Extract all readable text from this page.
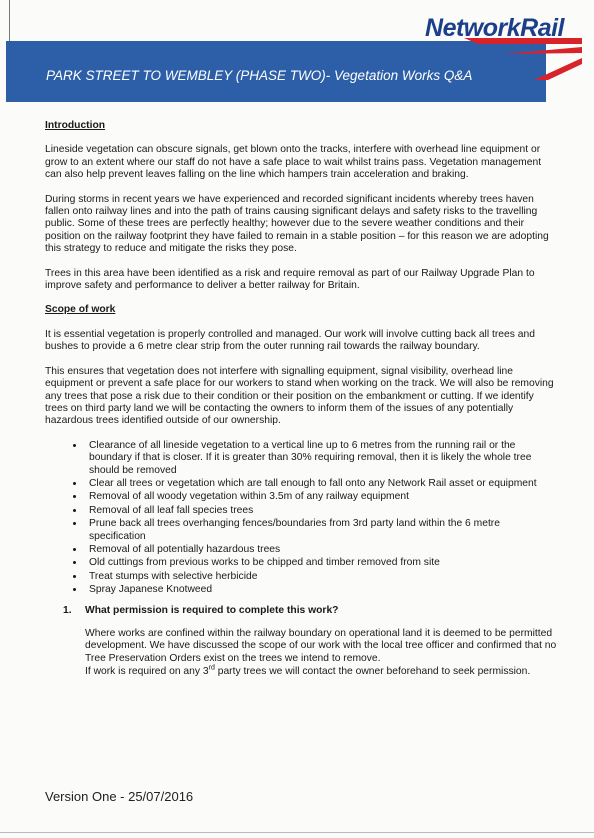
NetworkRail
PARK STREET TO WEMBLEY (PHASE TWO)- Vegetation Works Q&A
Introduction

Lineside vegetation can obscure signals, get blown onto the tracks, interfere with overhead line equipment or grow to an extent where our staff do not have a safe place to wait whilst trains pass. Vegetation management can also help prevent leaves falling on the line which hampers train acceleration and braking.

During storms in recent years we have experienced and recorded significant incidents whereby trees haven fallen onto railway lines and into the path of trains causing significant delays and safety risks to the travelling public. Some of these trees are perfectly healthy; however due to the severe weather conditions and their position on the railway footprint they have failed to remain in a stable position – for this reason we are adopting this strategy to reduce and mitigate the risks they pose.

Trees in this area have been identified as a risk and require removal as part of our Railway Upgrade Plan to improve safety and performance to deliver a better railway for Britain.

Scope of work

It is essential vegetation is properly controlled and managed. Our work will involve cutting back all trees and bushes to provide a 6 metre clear strip from the outer running rail towards the railway boundary.

This ensures that vegetation does not interfere with signalling equipment, signal visibility, overhead line equipment or prevent a safe place for our workers to stand when working on the track. We will also be removing any trees that pose a risk due to their condition or their position on the embankment or cutting. If we identify trees on third party land we will be contacting the owners to inform them of the issues of any potentially hazardous trees identified outside of our ownership.

• Clearance of all lineside vegetation to a vertical line up to 6 metres from the running rail or the boundary if that is closer. If it is greater than 30% requiring removal, then it is likely the whole tree should be removed
• Clear all trees or vegetation which are tall enough to fall onto any Network Rail asset or equipment
• Removal of all woody vegetation within 3.5m of any railway equipment
• Removal of all leaf fall species trees
• Prune back all trees overhanging fences/boundaries from 3rd party land within the 6 metre specification
• Removal of all potentially hazardous trees
• Old cuttings from previous works to be chipped and timber removed from site
• Treat stumps with selective herbicide
• Spray Japanese Knotweed
1.	What permission is required to complete this work?

Where works are confined within the railway boundary on operational land it is deemed to be permitted development. We have discussed the scope of our work with the local tree officer and confirmed that no Tree Preservation Orders exist on the trees we intend to remove.

If work is required on any 3rd party trees we will contact the owner beforehand to seek permission.

Version One - 25/07/2016
